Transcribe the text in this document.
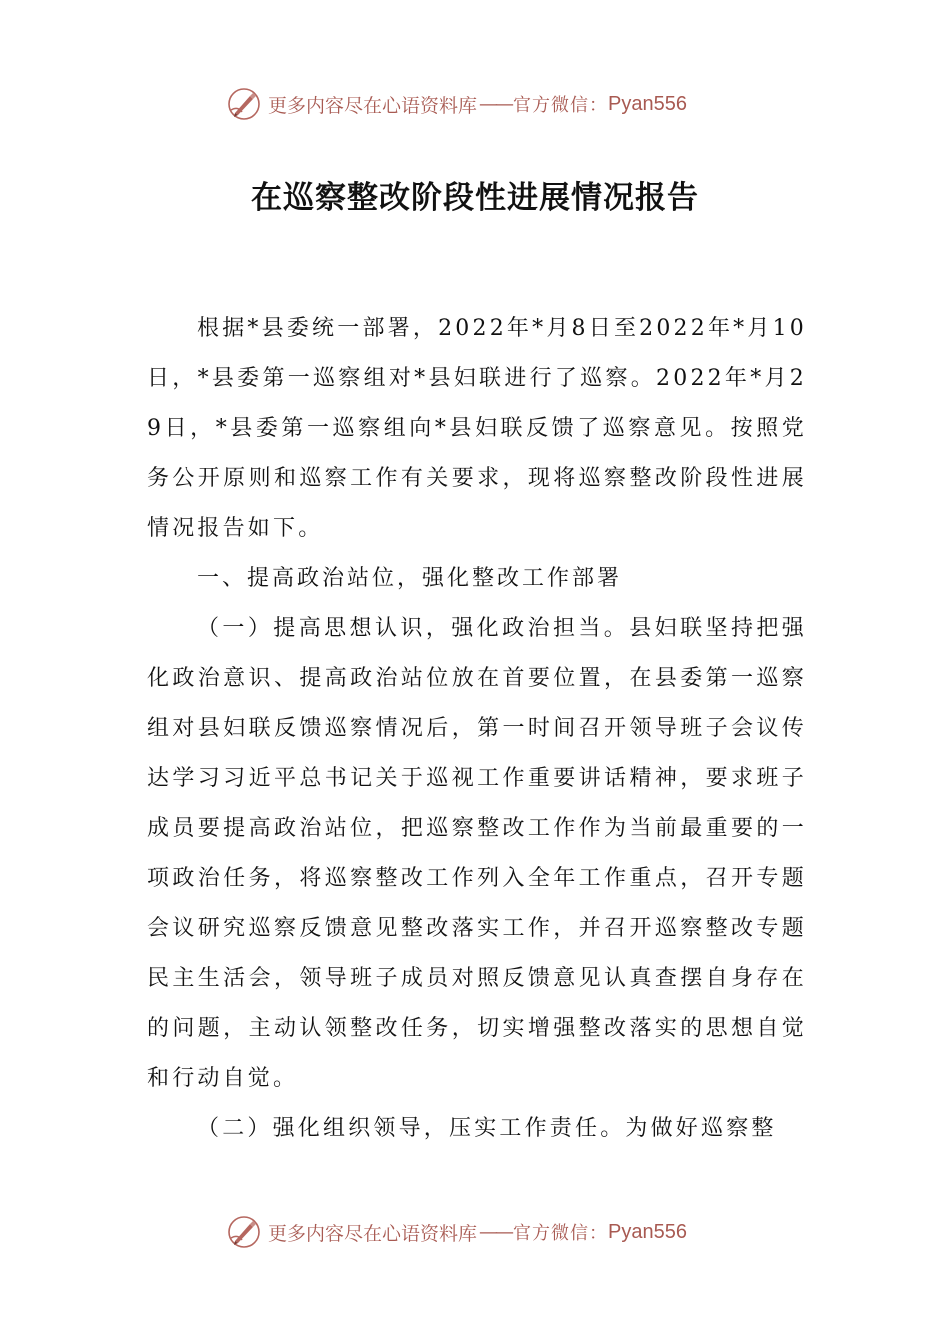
更多内容尽在心语资料库 —— 官方微信： Pyan556
在巡察整改阶段性进展情况报告

根据*县委统一部署，2022年*月8日至2022年*月10日，*县委第一巡察组对*县妇联进行了巡察。2022年*月29日，*县委第一巡察组向*县妇联反馈了巡察意见。按照党务公开原则和巡察工作有关要求，现将巡察整改阶段性进展情况报告如下。

一、提高政治站位，强化整改工作部署

（一）提高思想认识，强化政治担当。县妇联坚持把强化政治意识、提高政治站位放在首要位置，在县委第一巡察组对县妇联反馈巡察情况后，第一时间召开领导班子会议传达学习习近平总书记关于巡视工作重要讲话精神，要求班子成员要提高政治站位，把巡察整改工作作为当前最重要的一项政治任务，将巡察整改工作列入全年工作重点，召开专题会议研究巡察反馈意见整改落实工作，并召开巡察整改专题民主生活会，领导班子成员对照反馈意见认真查摆自身存在的问题，主动认领整改任务，切实增强整改落实的思想自觉和行动自觉。

（二）强化组织领导，压实工作责任。为做好巡察整

更多内容尽在心语资料库 —— 官方微信： Pyan556
